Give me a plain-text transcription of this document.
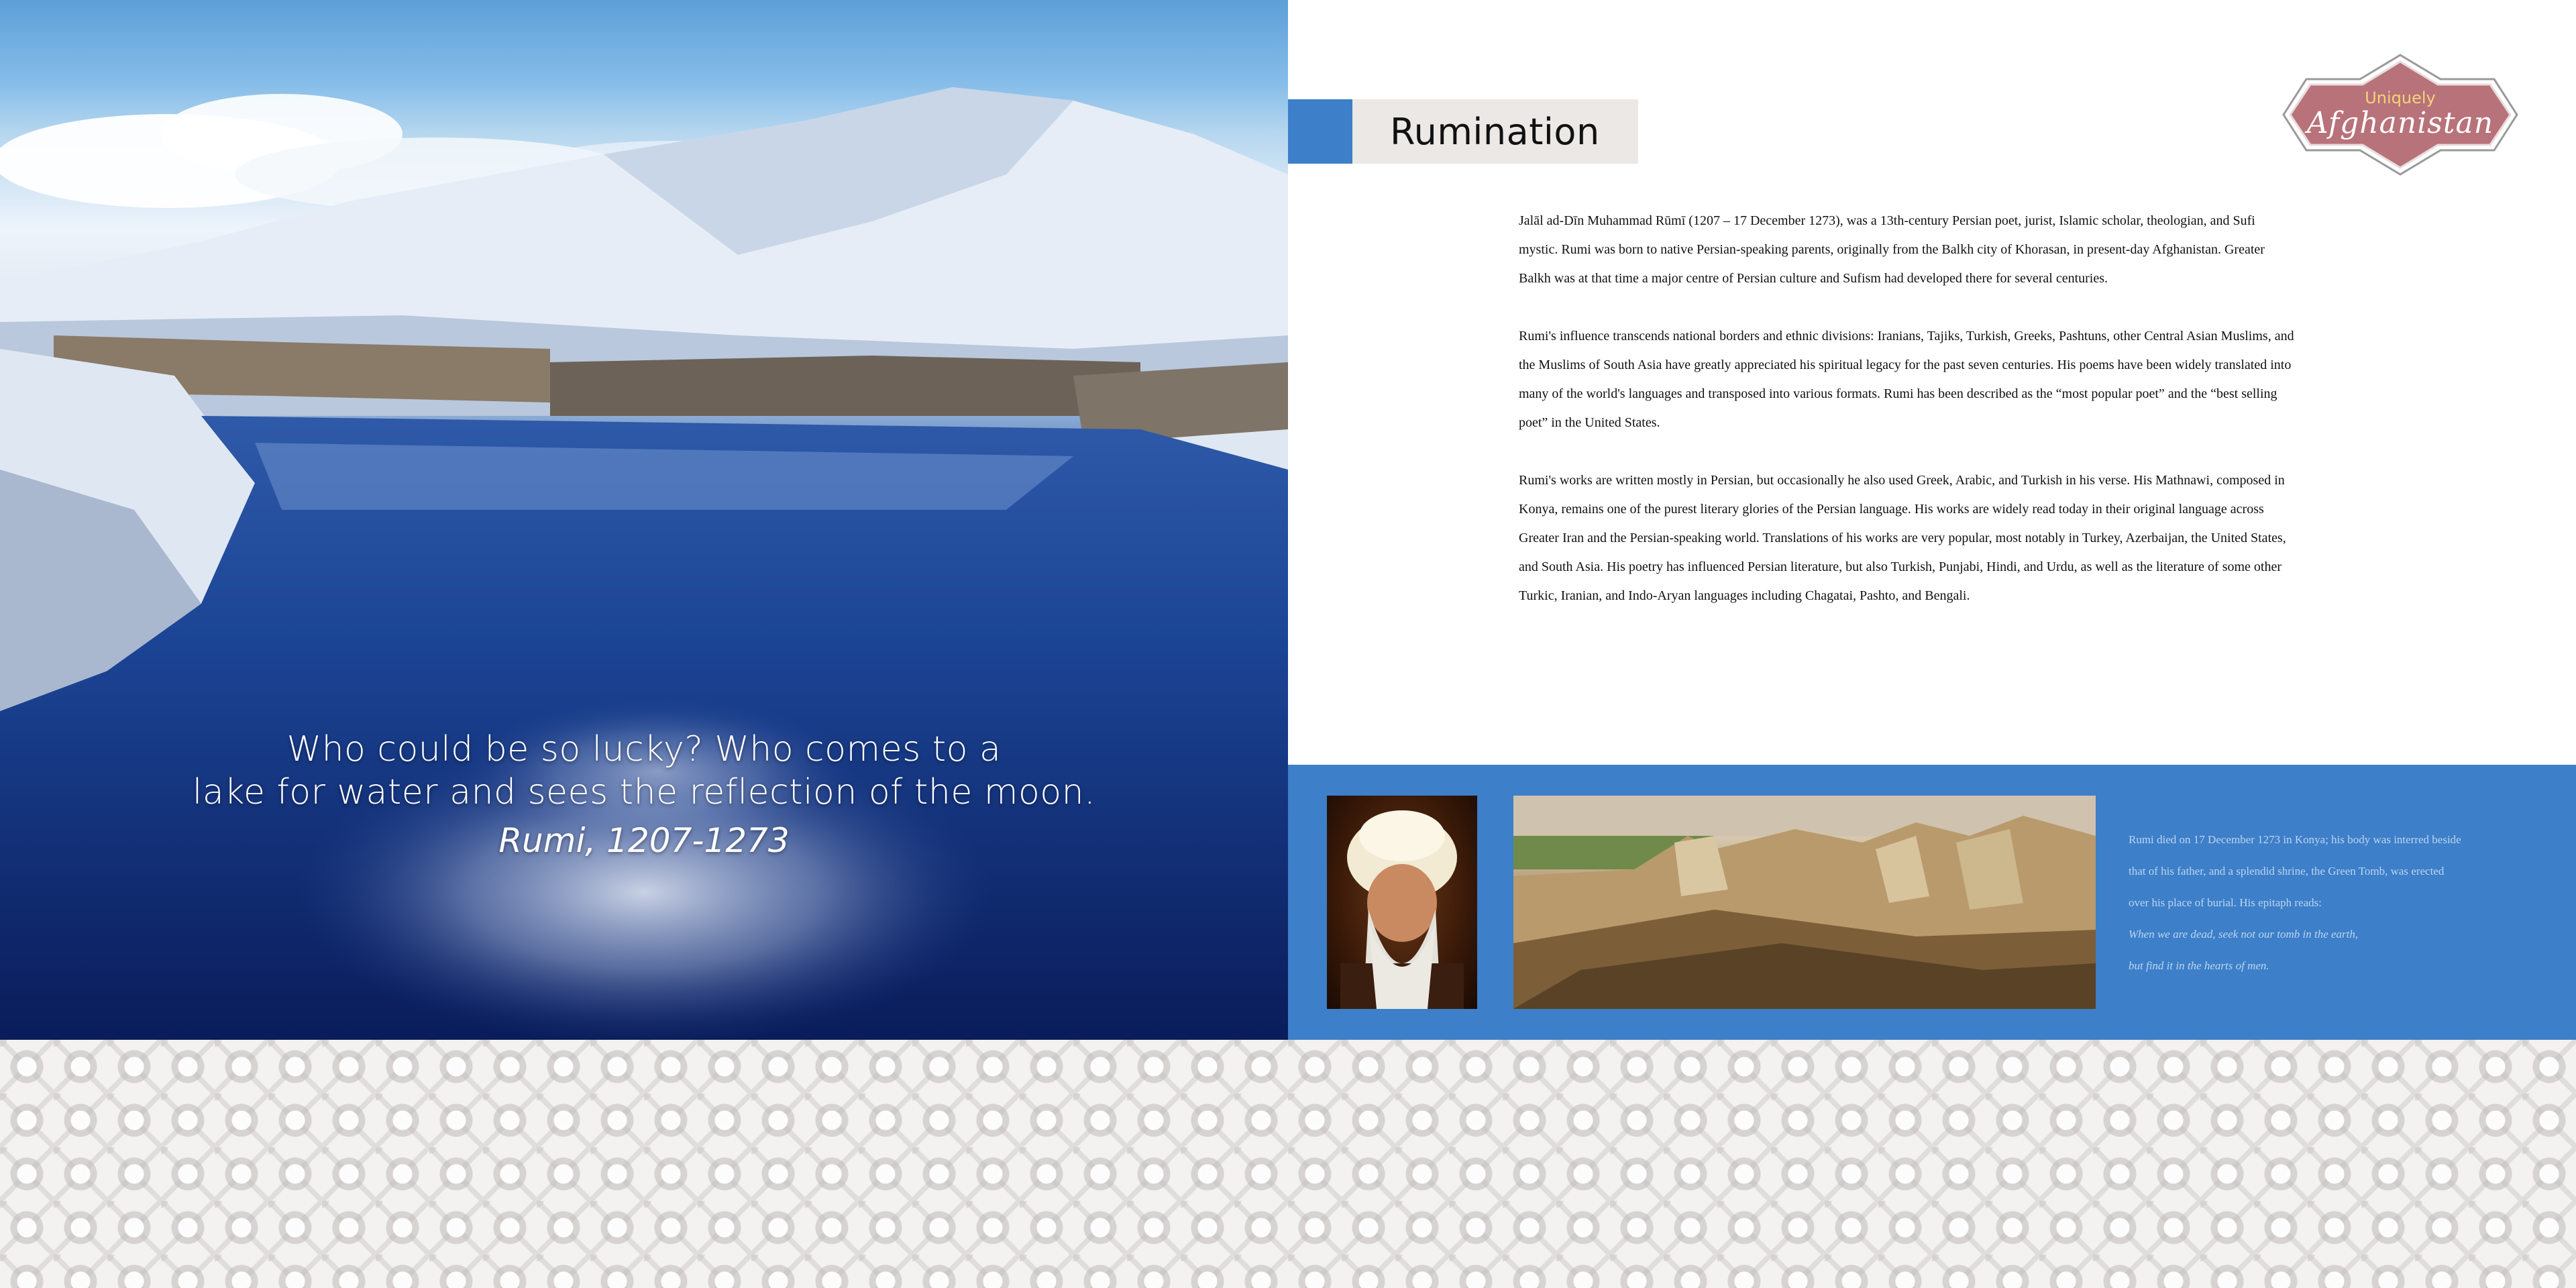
Who could be so lucky? Who comes to a
lake for water and sees the reflection of the moon.
Rumi, 1207-1273
Rumination
Uniquely
Afghanistan

Jalāl ad-Dīn Muhammad Rūmī (1207 – 17 December 1273), was a 13th-century Persian poet, jurist, Islamic scholar, theologian, and Sufi mystic. Rumi was born to native Persian-speaking parents, originally from the Balkh city of Khorasan, in present-day Afghanistan. Greater Balkh was at that time a major centre of Persian culture and Sufism had developed there for several centuries.

Rumi's influence transcends national borders and ethnic divisions: Iranians, Tajiks, Turkish, Greeks, Pashtuns, other Central Asian Muslims, and the Muslims of South Asia have greatly appreciated his spiritual legacy for the past seven centuries. His poems have been widely translated into many of the world's languages and transposed into various formats. Rumi has been described as the “most popular poet” and the “best selling poet” in the United States.

Rumi's works are written mostly in Persian, but occasionally he also used Greek, Arabic, and Turkish in his verse. His Mathnawi, composed in Konya, remains one of the purest literary glories of the Persian language. His works are widely read today in their original language across Greater Iran and the Persian-speaking world. Translations of his works are very popular, most notably in Turkey, Azerbaijan, the United States, and South Asia. His poetry has influenced Persian literature, but also Turkish, Punjabi, Hindi, and Urdu, as well as the literature of some other Turkic, Iranian, and Indo-Aryan languages including Chagatai, Pashto, and Bengali.

Rumi died on 17 December 1273 in Konya; his body was interred beside
that of his father, and a splendid shrine, the Green Tomb, was erected
over his place of burial. His epitaph reads:
When we are dead, seek not our tomb in the earth,
but find it in the hearts of men.
